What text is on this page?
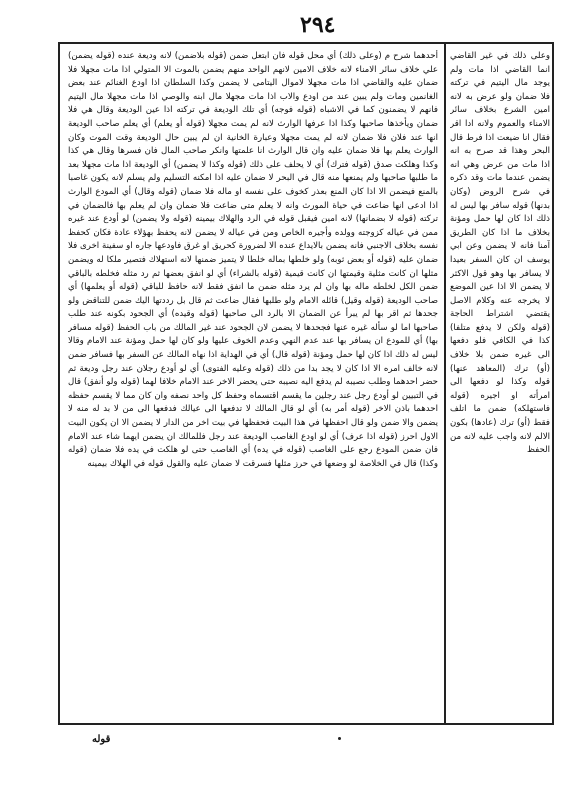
٢٩٤

أحدهما شرح م (وعلى ذلك) أي محل قوله فان ابتعل ضمن (قوله بلاضمن) لانه وديعة عنده (قوله يضمن) علي خلاف سائر الامناء لانه خلاف الامين لانهم الواحد منهم يضمن بالموت الا المتولي اذا مات مجهلا فلا ضمان عليه والقاضي اذا مات مجهلا لاموال اليتامى لا يضمن وكذا السلطان اذا اودع الغنائم عند بعض الغانمين ومات ولم يبين عند من اودع والاب اذا مات مجهلا مال ابنه والوصي اذا مات مجهلا مال اليتيم فانهم لا يضمنون كما في الاشباه (قوله فوجه) أي تلك الوديعة في تركته اذا عين الوديعة وقال هي فلا ضمان ويأخذها صاحبها وكذا اذا عرفها الوارث لانه لم يمت مجهلا (قوله أو يعلم) أي يعلم صاحب الوديعة انها عند فلان فلا ضمان لانه لم يمت مجهلا وعبارة الخانية ان لم يبين حال الوديعة وقت الموت وكان الوارث يعلم بها فلا ضمان عليه وان قال الوارث انا علمتها وانكر صاحب المال فان فسرها وقال هي كذا وكذا وهلكت صدق (قوله فترك) أي لا يحلف على ذلك (قوله وكذا لا يضمن) أي الوديعة اذا مات مجهلا بعد ما طلبها صاحبها ولم يمنعها منه قال في البحر لا ضمان عليه اذا امكنه التسليم ولم يسلم لانه يكون غاصبا بالمنع فيضمن الا اذا كان المنع بعذر كخوف على نفسه او ماله فلا ضمان (قوله وقال) أي المودع الوارث اذا ادعى انها ضاعت في حياة المورث وانه لا يعلم متى ضاعت فلا ضمان وان لم يعلم بها فالضمان في تركته (قوله لا بضمانها) لانه امين فيقبل قوله في الرد والهلاك بيمينه (قوله ولا يضمن) لو أودع عند غيره ممن في عياله كزوجته وولده وأجيره الخاص ومن في عياله لا يضمن لانه يحفظ بهؤلاء عادة فكان كحفظ نفسه بخلاف الاجنبي فانه يضمن بالايداع عنده الا لضرورة كحريق او غرق فاودعها جاره او سفينة اخرى فلا ضمان عليه (قوله أو بعض ثوبه) ولو خلطها بماله خلطا لا يتميز ضمنها لانه استهلاك فتصير ملكا له ويضمن مثلها ان كانت مثلية وقيمتها ان كانت قيمية (قوله بالشراء) أي لو انفق بعضها ثم رد مثله فخلطه بالباقي ضمن الكل لخلطه ماله بها وان لم يرد مثله ضمن ما انفق فقط لانه حافظ للباقي (قوله أو يعلمها) أي صاحب الوديعة (قوله وقيل) قائله الامام ولو طلبها فقال ضاعت ثم قال بل رددتها اليك ضمن للتناقض ولو جحدها ثم اقر بها لم يبرأ عن الضمان الا بالرد الى صاحبها (قوله وقيده) أي الجحود بكونه عند طلب صاحبها اما لو سأله غيره عنها فجحدها لا يضمن لان الجحود عند غير المالك من باب الحفظ (قوله مسافر بها) أي للمودع ان يسافر بها عند عدم النهي وعدم الخوف عليها ولو كان لها حمل ومؤنة عند الامام وقالا ليس له ذلك اذا كان لها حمل ومؤنة (قوله قال) أي في الهداية اذا نهاه المالك عن السفر بها فسافر ضمن لانه خالف امره الا اذا كان لا يجد بدا من ذلك (قوله وعليه الفتوى) أي لو أودع رجلان عند رجل وديعة ثم حضر احدهما وطلب نصيبه لم يدفع اليه نصيبه حتى يحضر الاخر عند الامام خلافا لهما (قوله ولو أنفق) قال في التبيين لو أودع رجل عند رجلين ما يقسم اقتسماه وحفظ كل واحد نصفه وان كان مما لا يقسم حفظه احدهما باذن الاخر (قوله أمر به) أي لو قال المالك لا تدفعها الى عيالك فدفعها الى من لا بد له منه لا يضمن والا ضمن ولو قال احفظها في هذا البيت فحفظها في بيت اخر من الدار لا يضمن الا ان يكون البيت الاول احرز (قوله اذا عرف) أي لو اودع الغاصب الوديعة عند رجل فللمالك ان يضمن ايهما شاء عند الامام فان ضمن المودع رجع على الغاصب (قوله في يده) أي الغاصب حتى لو هلكت في يده فلا ضمان (قوله وكذا) قال في الخلاصة لو وضعها في حرز مثلها فسرقت لا ضمان عليه والقول قوله في الهلاك بيمينه

وعلى ذلك في غير القاضي انما القاضي اذا مات ولم يوجد مال اليتيم في تركته فلا ضمان ولو عرض به لانه امين الشرع بخلاف سائر الامناء والعموم ولانه ادا اقر فقال انا ضيعت اذا فرط قال البحر وهذا قد صرح به انه اذا مات من عرض وهي انه يضمن عندما مات وقد ذكره في شرح الروض (وكان بدنها) قوله سافر بها ليس له ذلك اذا كان لها حمل ومؤنة بخلاف ما اذا كان الطريق آمنا فانه لا يضمن وعن ابي يوسف ان كان السفر بعيدا لا يسافر بها وهو قول الاكثر لا يضمن الا اذا عين الموضع لا يخرجه عنه وكلام الاصل يقتضي اشتراط الحاجة (قوله ولكن لا يدفع متلفا) كذا في الكافي فلو دفعها الى غيره ضمن بلا خلاف (أو) ترك (المعاهد عنها) قوله وكذا لو دفعها الى امرأته او اجيره (قوله فاستهلكه) ضمن ما اتلف فقط (أو) ترك (عادها) بكون الالم لانه واجب عليه لانه من الحفظ

قوله
